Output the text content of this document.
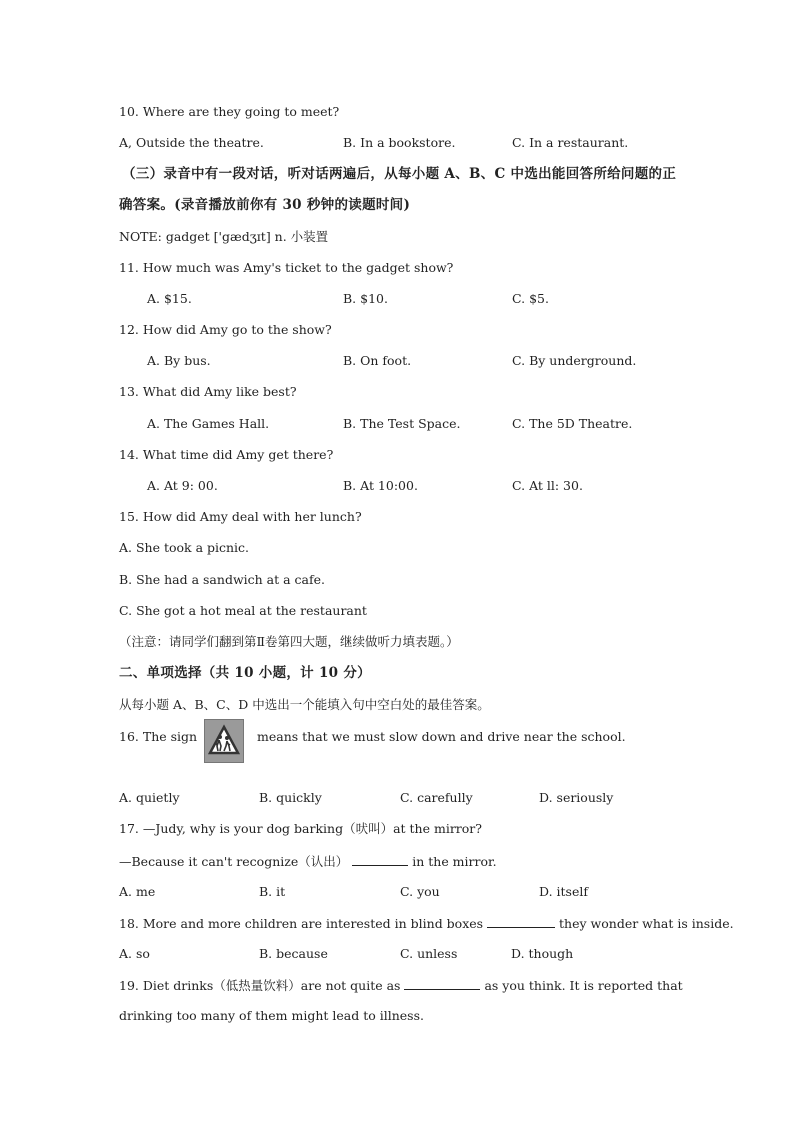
10. Where are they going to meet?
A, Outside the theatre.	B. In a bookstore.	C. In a restaurant.
（三）录音中有一段对话，听对话两遍后，从每小题 A、B、C 中选出能回答所给问题的正
确答案。(录音播放前你有 30 秒钟的读题时间)
NOTE: gadget ['gædʒɪt] n. 小装置
11. How much was Amy's ticket to the gadget show?
A. $15.	B. $10.	C. $5.
12. How did Amy go to the show?
A. By bus.	B. On foot.	C. By underground.
13. What did Amy like best?
A. The Games Hall.	B. The Test Space.	C. The 5D Theatre.
14. What time did Amy get there?
A. At 9: 00.	B. At 10:00.	C. At ll: 30.
15. How did Amy deal with her lunch?
A. She took a picnic.
B. She had a sandwich at a cafe.
C. She got a hot meal at the restaurant
（注意：请同学们翻到第Ⅱ卷第四大题，继续做听力填表题。）
二、单项选择（共 10 小题，计 10 分）
从每小题 A、B、C、D 中选出一个能填入句中空白处的最佳答案。
16. The sign	means that we must slow down and drive near the school.
A. quietly	B. quickly	C. carefully	D. seriously
17. —Judy, why is your dog barking（吠叫）at the mirror?
—Because it can't recognize（认出）	in the mirror.
A. me	B. it	C. you	D. itself
18. More and more children are interested in blind boxes	they wonder what is inside.
A. so	B. because	C. unless	D. though
19. Diet drinks（低热量饮料）are not quite as	as you think. It is reported that
drinking too many of them might lead to illness.
